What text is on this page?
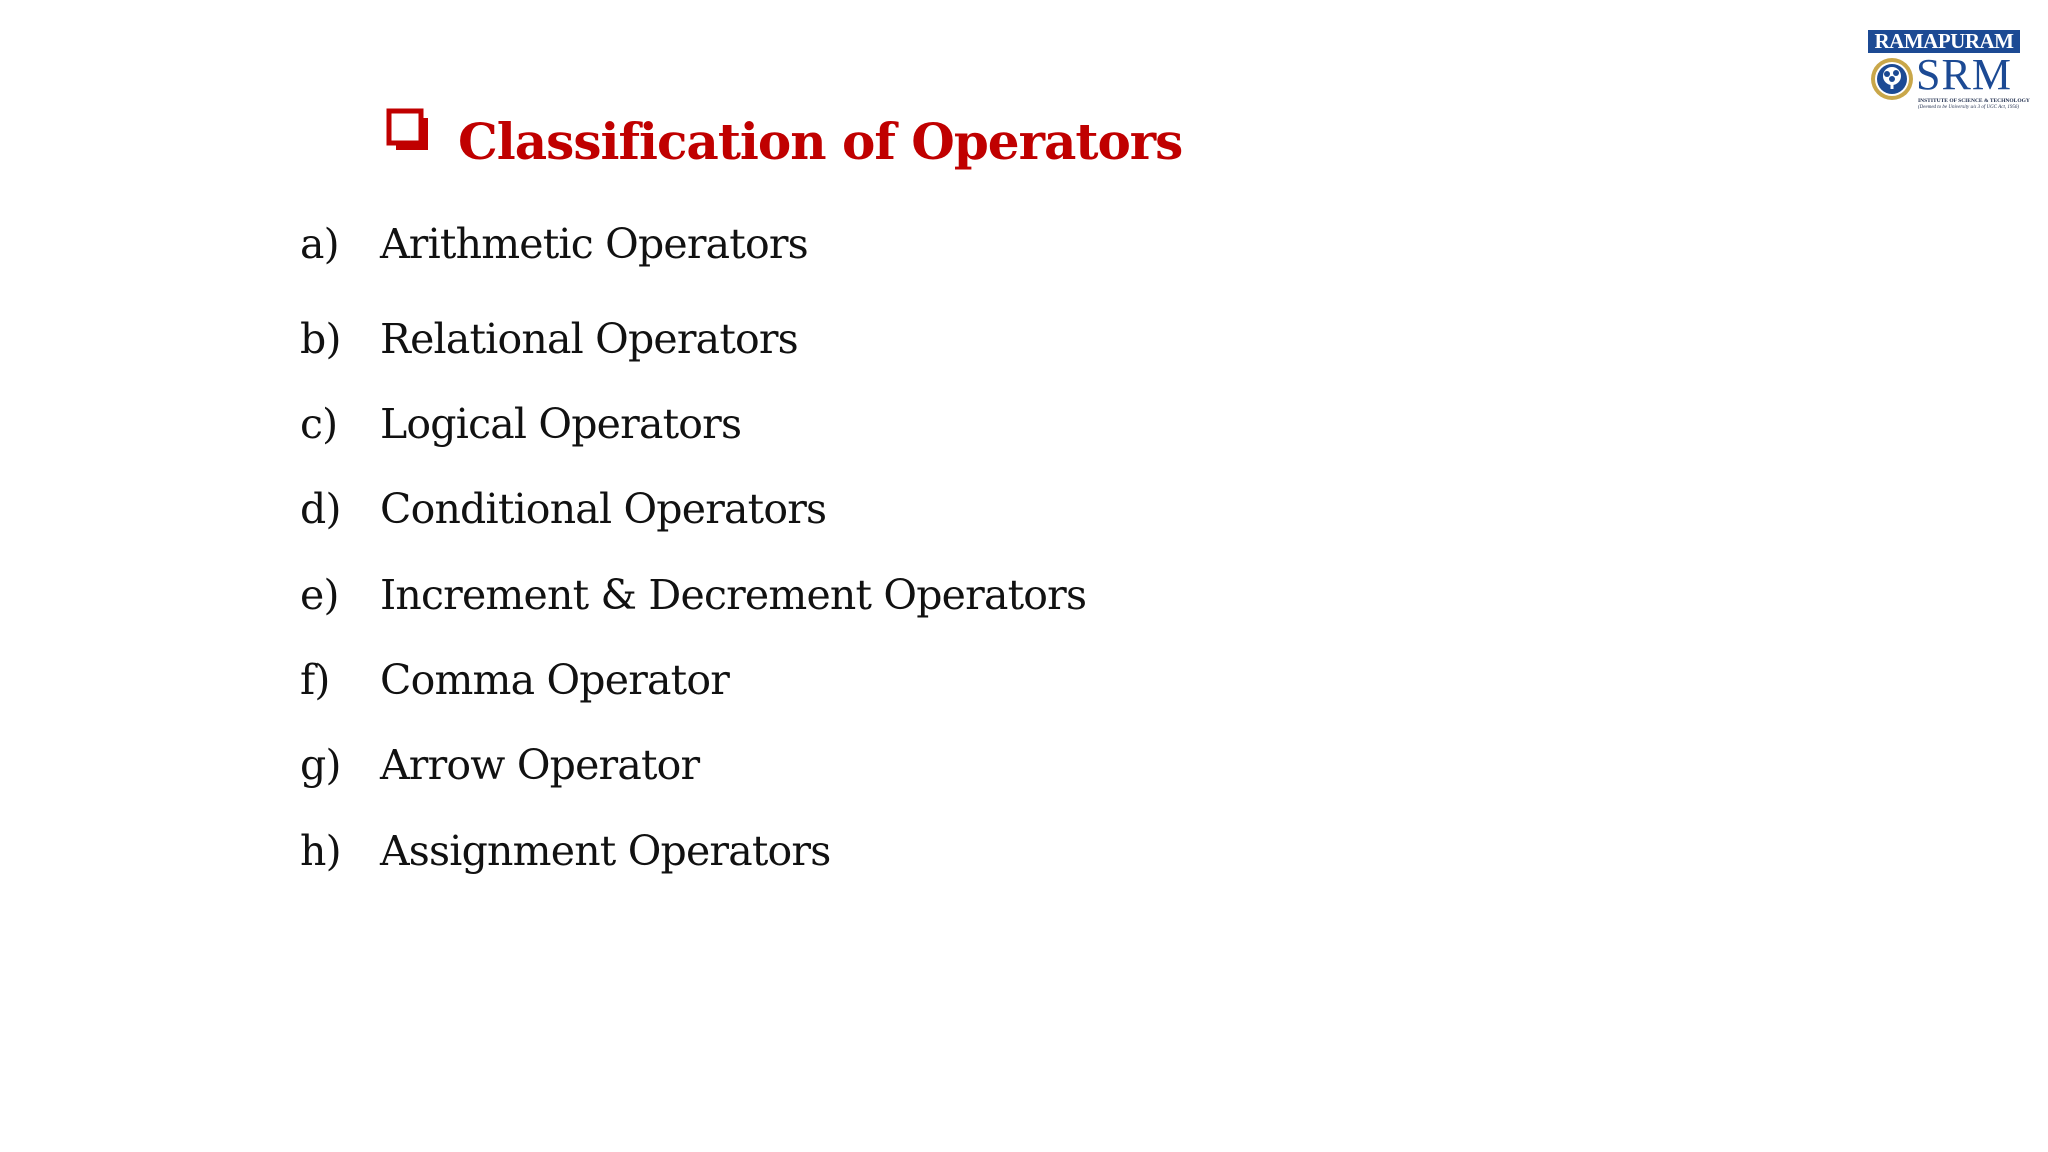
RAMAPURAM
SRM
INSTITUTE OF SCIENCE & TECHNOLOGY
(Deemed to be University u/s 3 of UGC Act, 1956)
Classification of Operators
a)	Arithmetic Operators
b) Relational Operators
c)	Logical Operators
d) Conditional Operators
e)	Increment & Decrement Operators
f)	Comma Operator
g) Arrow Operator
h) Assignment Operators
